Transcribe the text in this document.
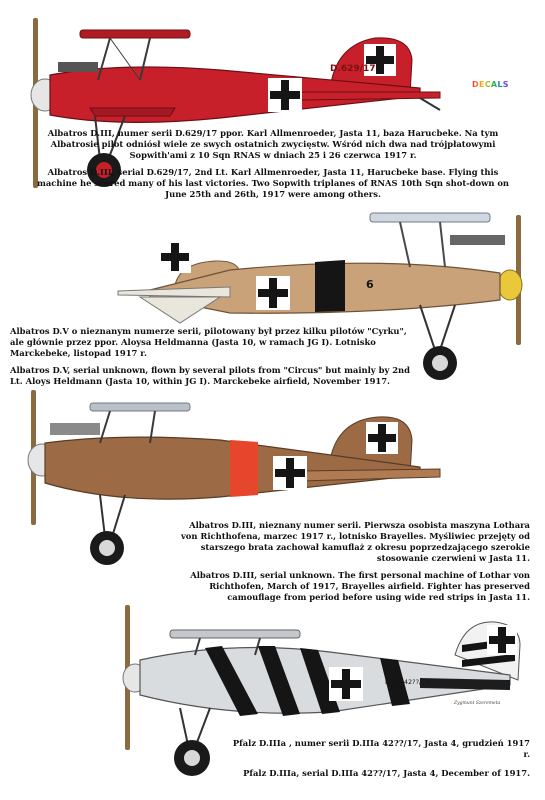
D.629/17
DECALS

Albatros D.III, numer serii D.629/17 ppor. Karl Allmenroeder, Jasta 11, baza Harucbeke. Na tym Albatrosie pilot odniósł wiele ze swych ostatnich zwycięstw. Wśród nich dwa nad trójpłatowymi Sopwith'ami z 10 Sqn RNAS w dniach 25 i 26 czerwca 1917 r.

Albatros D.III, serial D.629/17, 2nd Lt. Karl Allmenroeder, Jasta 11, Harucbeke base. Flying this machine he scored many of his last victories. Two Sopwith triplanes of RNAS 10th Sqn shot-down on June 25th and 26th, 1917 were among others.

6

Albatros D.V o nieznanym numerze serii, pilotowany był przez kilku pilotów "Cyrku", ale głównie przez ppor. Aloysa Heldmanna (Jasta 10, w ramach JG I). Lotnisko Marckebeke, listopad 1917 r.

Albatros D.V, serial unknown, flown by several pilots from "Circus" but mainly by 2nd Lt. Aloys Heldmann (Jasta 10, within JG I). Marckebeke airfield, November 1917.

Albatros D.III, nieznany numer serii. Pierwsza osobista maszyna Lothara von Richthofena, marzec 1917 r., lotnisko Brayelles. Myśliwiec przejęty od starszego brata zachował kamuflaż z okresu poprzedzającego szerokie stosowanie czerwieni w Jasta 11.

Albatros D.III, serial unknown. The first personal machine of Lothar von Richthofen, March of 1917, Brayelles airfield. Fighter has preserved camouflage from period before using wide red strips in Jasta 11.

D.IIIa 42??/17

Pfalz D.IIIa , numer serii D.IIIa 42??/17, Jasta 4, grudzień 1917 r.

Pfalz D.IIIa, serial D.IIIa 42??/17, Jasta 4, December of 1917.

Zygmunt Szeremeta
